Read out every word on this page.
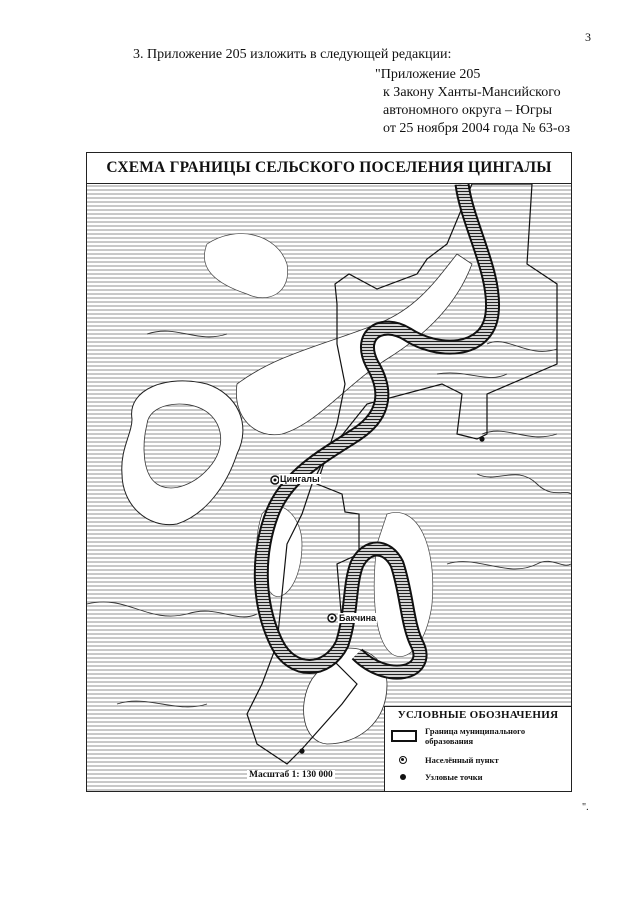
3
3. Приложение 205 изложить в следующей редакции:
"Приложение 205
к Закону Ханты-Мансийского
автономного округа – Югры
от 25 ноября 2004 года № 63-оз
СХЕМА ГРАНИЦЫ СЕЛЬСКОГО ПОСЕЛЕНИЯ ЦИНГАЛЫ
Цингалы
Бакчина
Масштаб 1: 130 000
УСЛОВНЫЕ ОБОЗНАЧЕНИЯ
Граница муниципального образования
Населённый пункт
Узловые точки
".
